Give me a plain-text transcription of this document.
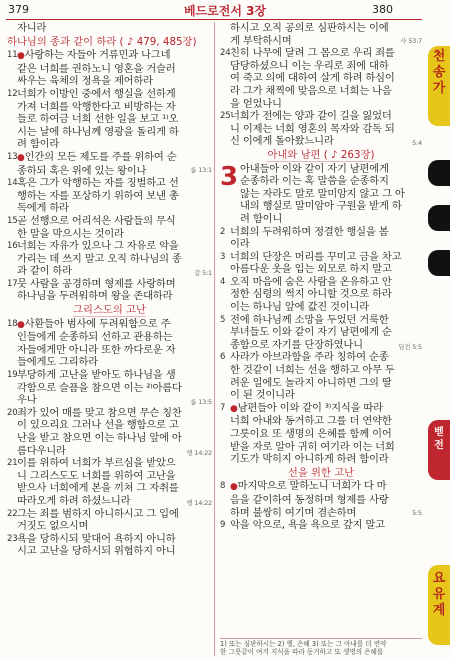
379	베드로전서 3장	380
자니라
하나님의 종과 같이 하라 ( ♪ 479, 485장)
11 ●사랑하는 자들아 거류민과 나그네
같은 너희를 권하노니 영혼을 거슬러
싸우는 육체의 정욕을 제어하라
12 너희가 이방인 중에서 행실을 선하게
가져 너희를 악행한다고 비방하는 자
들로 하여금 너희 선한 일을 보고 ¹⁾오
시는 날에 하나님께 영광을 돌리게 하
려 함이라
13 ●인간의 모든 제도를 주를 위하여 순
종하되 혹은 위에 있는 왕이나	롬 13:1
14 혹은 그가 악행하는 자를 징벌하고 선
행하는 자를 포상하기 위하여 보낸 총
독에게 하라
15 곧 선행으로 어리석은 사람들의 무식
한 말을 막으시는 것이라
16 너희는 자유가 있으나 그 자유로 악을
가리는 데 쓰지 말고 오직 하나님의 종
과 같이 하라	갈 5:1
17 뭇 사람을 공경하며 형제를 사랑하며
하나님을 두려워하며 왕을 존대하라
그리스도의 고난
18 ●사환들아 범사에 두려워함으로 주
인들에게 순종하되 선하고 관용하는
자들에게만 아니라 또한 까다로운 자
들에게도 그리하라
19 부당하게 고난을 받아도 하나님을 생
각함으로 슬픔을 참으면 이는 ²⁾아름다
우나	롬 13:5
20 죄가 있어 매를 맞고 참으면 무슨 칭찬
이 있으리요 그러나 선을 행함으로 고
난을 받고 참으면 이는 하나님 앞에 아
름다우니라	행 14:22
21 이를 위하여 너희가 부르심을 받았으
니 그리스도도 너희를 위하여 고난을
받으사 너희에게 본을 끼쳐 그 자취를
따라오게 하려 하셨느니라	행 14:22
22 그는 죄를 범하지 아니하시고 그 입에
거짓도 없으시며
23 욕을 당하시되 맞대어 욕하지 아니하
시고 고난을 당하시되 위협하지 아니
하시고 오직 공의로 심판하시는 이에
게 부탁하시며	사 53:7
24 친히 나무에 달려 그 몸으로 우리 죄를
담당하셨으니 이는 우리로 죄에 대하
여 죽고 의에 대하여 살게 하려 하심이
라 그가 채찍에 맞음으로 너희는 나음
을 얻었나니
25 너희가 전에는 양과 같이 길을 잃었더
니 이제는 너희 영혼의 목자와 감독 되
신 이에게 돌아왔느니라	5:4
아내와 남편 ( ♪ 263장)
3 아내들아 이와 같이 자기 남편에게
순종하라 이는 혹 말씀을 순종하지
않는 자라도 말로 말미암지 않고 그 아
내의 행실로 말미암아 구원을 받게 하
려 함이니
2 너희의 두려워하며 정결한 행실을 봄
이라
3 너희의 단장은 머리를 꾸미고 금을 차고
아름다운 옷을 입는 외모로 하지 말고
4 오직 마음에 숨은 사람을 온유하고 안
정한 심령의 썩지 아니할 것으로 하라
이는 하나님 앞에 값진 것이니라
5 전에 하나님께 소망을 두었던 거룩한
부녀들도 이와 같이 자기 남편에게 순
종함으로 자기를 단장하였나니	딤전 5:5
6 사라가 아브라함을 주라 칭하여 순종
한 것같이 너희는 선을 행하고 아무 두
려운 일에도 놀라지 아니하면 그의 딸
이 된 것이니라
7 ●남편들아 이와 같이 ³⁾지식을 따라
너희 아내와 동거하고 그를 더 연약한
그릇이요 또 생명의 은혜를 함께 이어
받을 자로 알아 귀히 여기라 이는 너희
기도가 막히지 아니하게 하려 함이라
선을 위한 고난
8 ●마지막으로 말하노니 너희가 다 마
음을 같이하여 동정하며 형제를 사랑
하며 불쌍히 여기며 겸손하며	5:5
9 악을 악으로, 욕을 욕으로 갚지 말고
1) 또는 심판하시는 2) 헬, 은혜 3) 또는 그 아내를 더 연약
한 그릇같이 여겨 지식을 따라 동거하고 또 생명의 은혜를
천
송
가
벧
전
요
유
계
